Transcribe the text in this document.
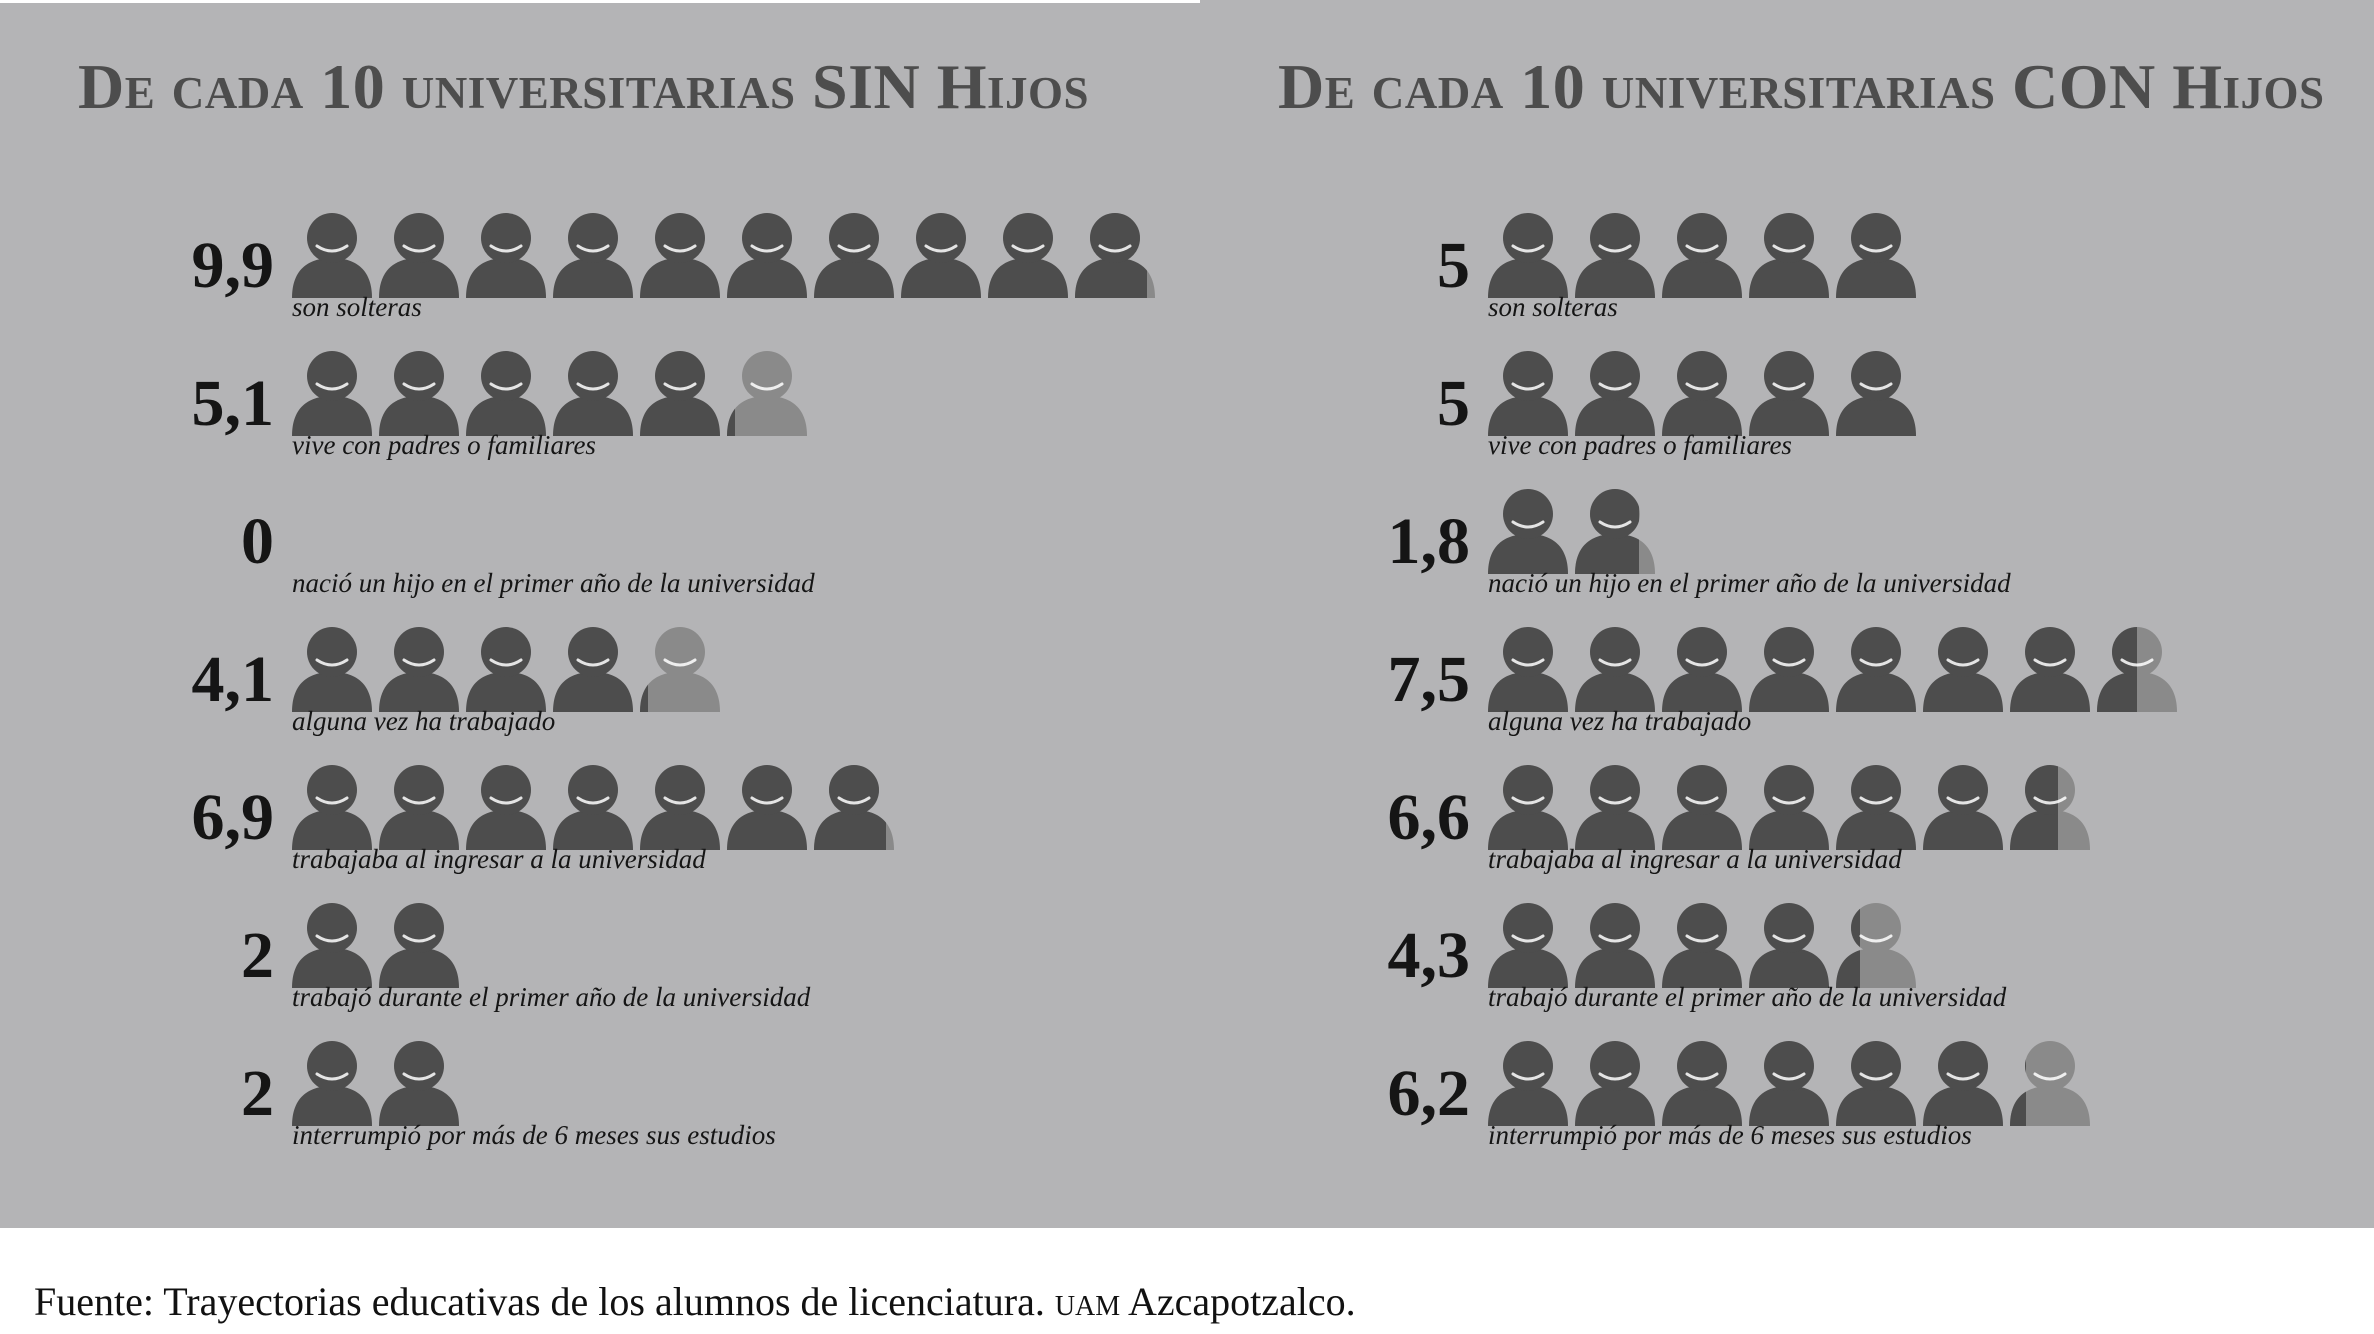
De cada 10 universitarias SIN Hijos	De cada 10 universitarias CON Hijos
9,9
son solteras
5,1
vive con padres o familiares
0
nació un hijo en el primer año de la universidad
4,1
alguna vez ha trabajado
6,9
trabajaba al ingresar a la universidad
2
trabajó durante el primer año de la universidad
2
interrumpió por más de 6 meses sus estudios
5
son solteras
5
vive con padres o familiares
1,8
nació un hijo en el primer año de la universidad
7,5
alguna vez ha trabajado
6,6
trabajaba al ingresar a la universidad
4,3
trabajó durante el primer año de la universidad
6,2
interrumpió por más de 6 meses sus estudios
Fuente: Trayectorias educativas de los alumnos de licenciatura. uam Azcapotzalco.
